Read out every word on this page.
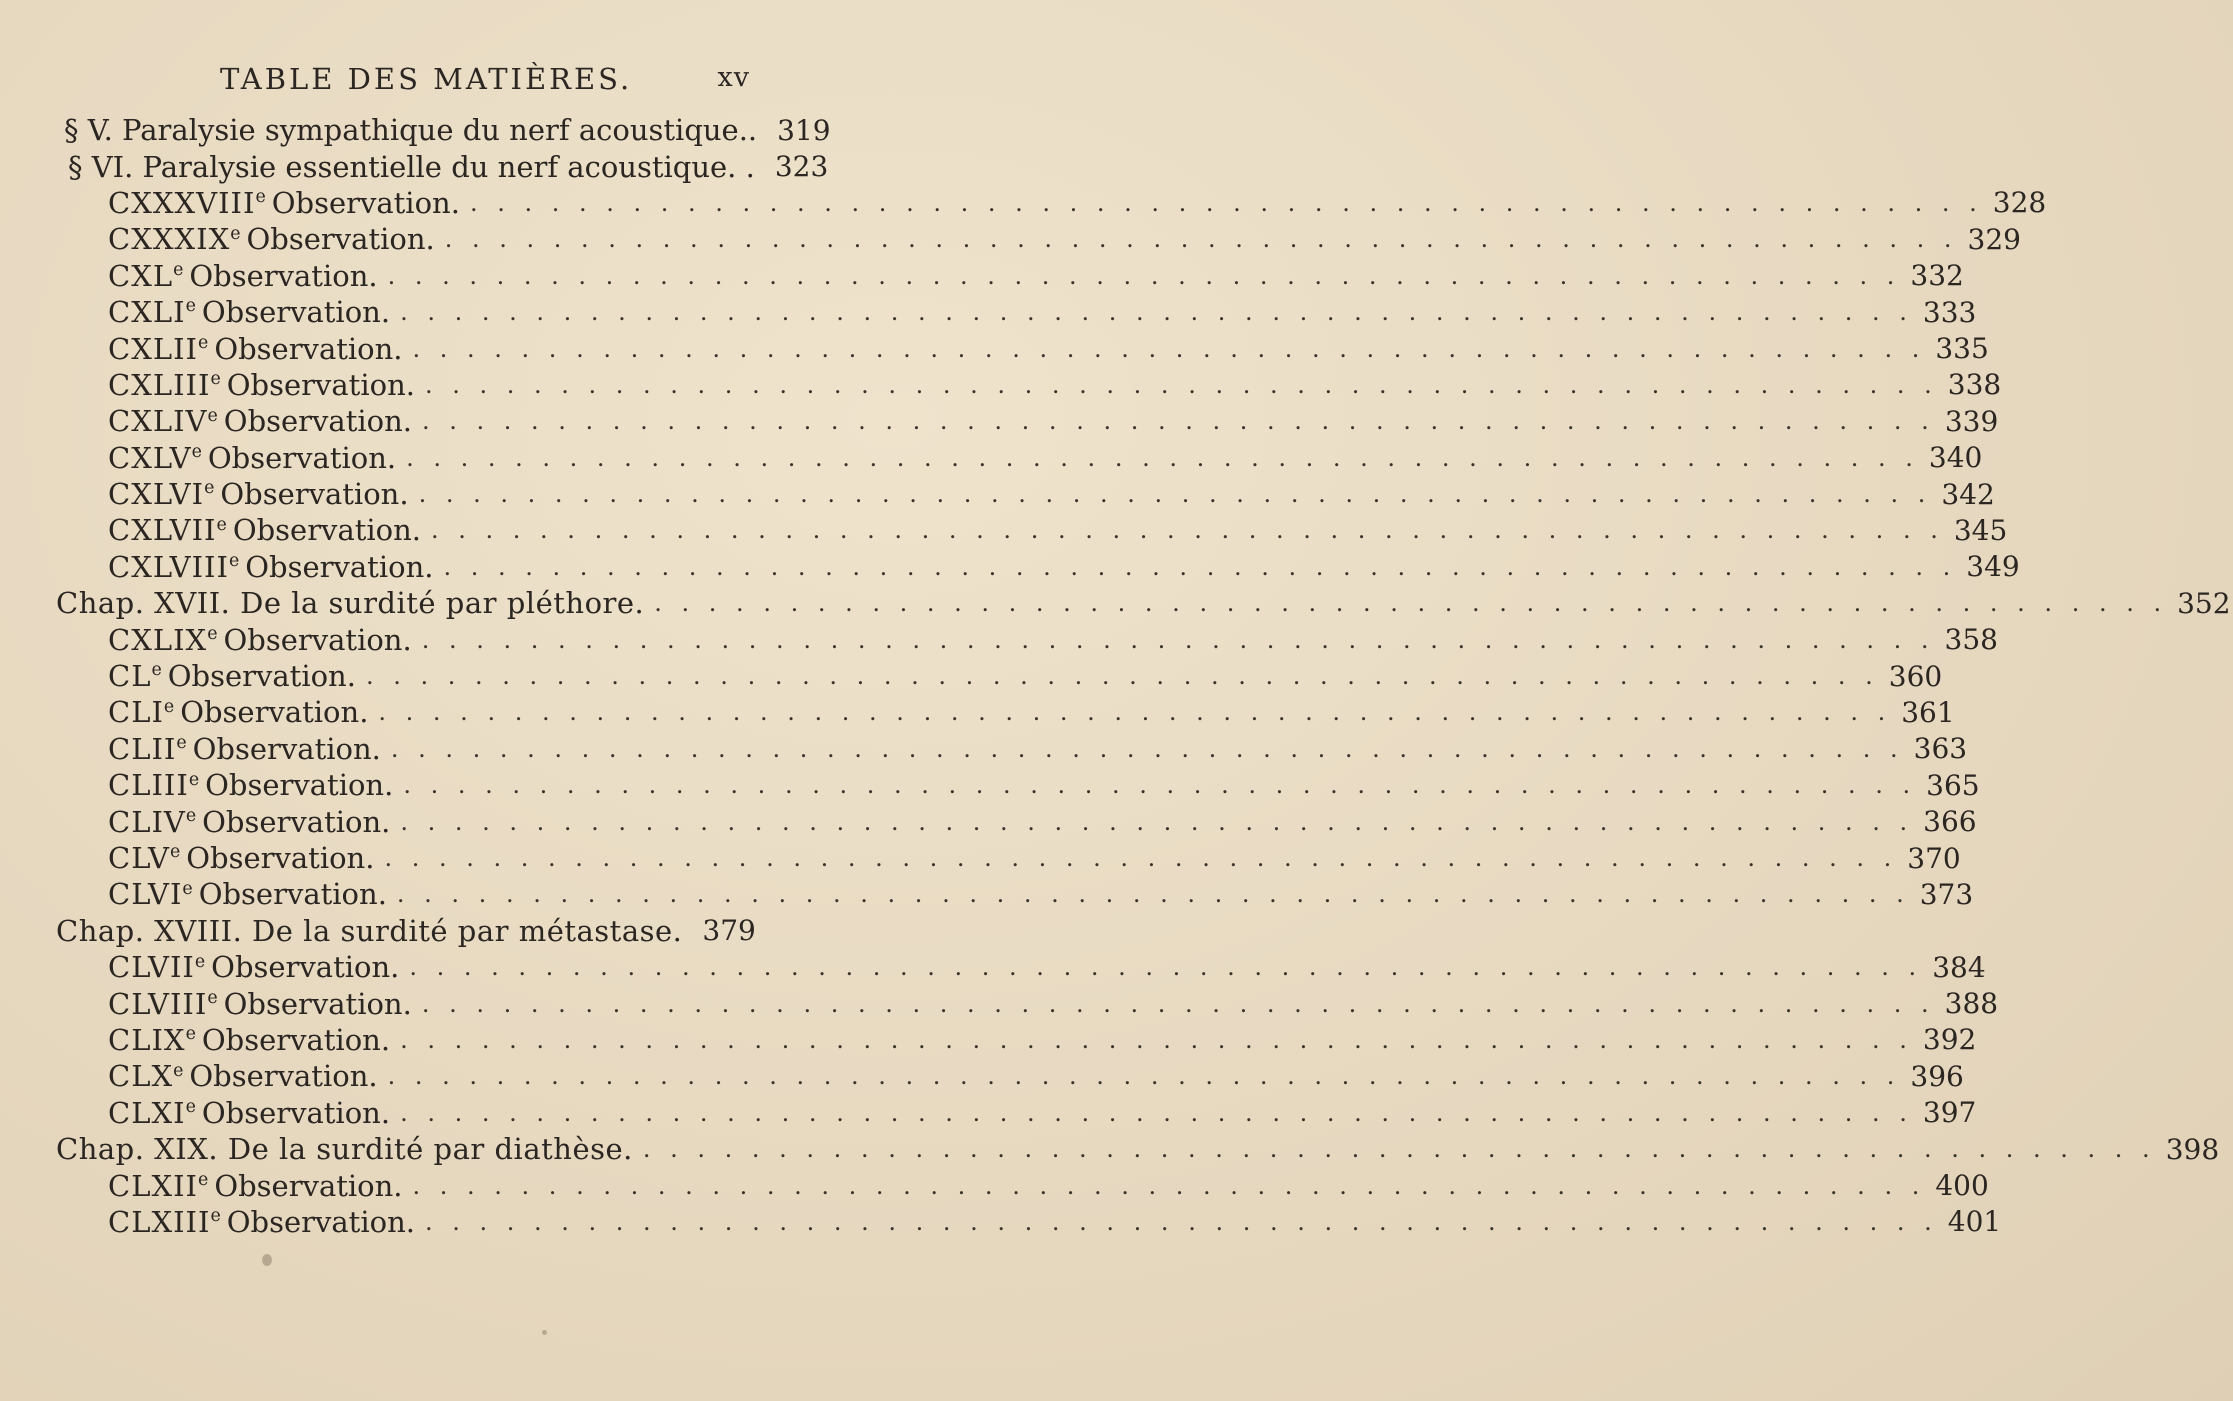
TABLE DES MATIÈRES.	xv
§ V. Paralysie sympathique du nerf acoustique.. 319
§ VI. Paralysie essentielle du nerf acoustique. . 323
CXXXVIIIe Observation. . . .	328
CXXXIXe Observation. . . .	329
CXLe Observation. . . .	332
CXLIe Observation. . . .	333
CXLIIe Observation. . . .	335
CXLIIIe Observation. . . .	338
CXLIVe Observation. . . .	339
CXLVe Observation. . . .	340
CXLVIe Observation. . . .	342
CXLVIIe Observation. . . .	345
CXLVIIIe Observation. . . .	349
Chap. XVII. De la surdité par pléthore. . . .	352
CXLIXe Observation. . . .	358
CLe Observation. . . .	360
CLIe Observation. . . .	361
CLIIe Observation. . . .	363
CLIIIe Observation. . . .	365
CLIVe Observation. . . .	366
CLVe Observation. . . .	370
CLVIe Observation. . . .	373
Chap. XVIII. De la surdité par métastase. 379
CLVIIe Observation. . . .	384
CLVIIIe Observation. . . .	388
CLIXe Observation. . . .	392
CLXe Observation. . . .	396
CLXIe Observation. . . .	397
Chap. XIX. De la surdité par diathèse. . . .	398
CLXIIe Observation. . . .	400
CLXIIIe Observation. . . .	401
